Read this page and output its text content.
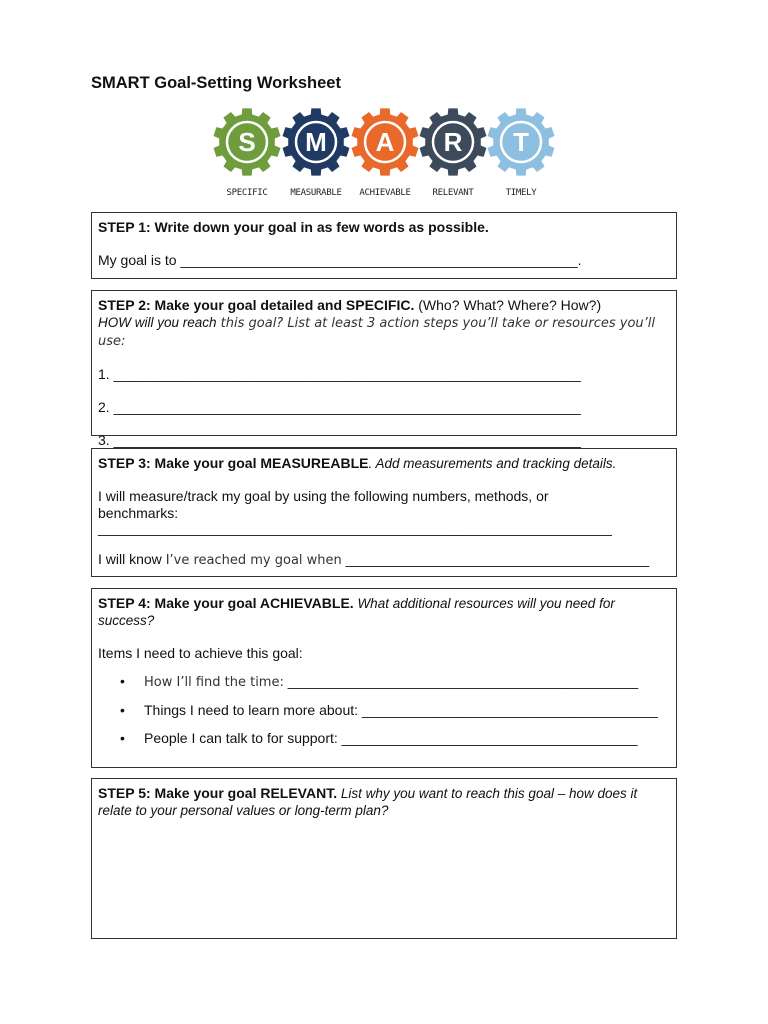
SMART Goal-Setting Worksheet
S
SPECIFIC
M
MEASURABLE
A
ACHIEVABLE
R
RELEVANT
T
TIMELY
STEP 1: Write down your goal in as few words as possible.
My goal is to ___________________________________________________.
STEP 2: Make your goal detailed and SPECIFIC. (Who? What? Where? How?)
HOW will you reach this goal? List at least 3 action steps you’ll take or resources you’ll use:
1. ____________________________________________________________
2. ____________________________________________________________
3. ____________________________________________________________
STEP 3: Make your goal MEASUREABLE. Add measurements and tracking details.
I will measure/track my goal by using the following numbers, methods, or benchmarks:
__________________________________________________________________
I will know I’ve reached my goal when _______________________________________
STEP 4: Make your goal ACHIEVABLE. What additional resources will you need for success?
Items I need to achieve this goal:
• How I’ll find the time: _____________________________________________
• Things I need to learn more about: ______________________________________
• People I can talk to for support: ______________________________________
STEP 5: Make your goal RELEVANT. List why you want to reach this goal – how does it relate to your personal values or long-term plan?
